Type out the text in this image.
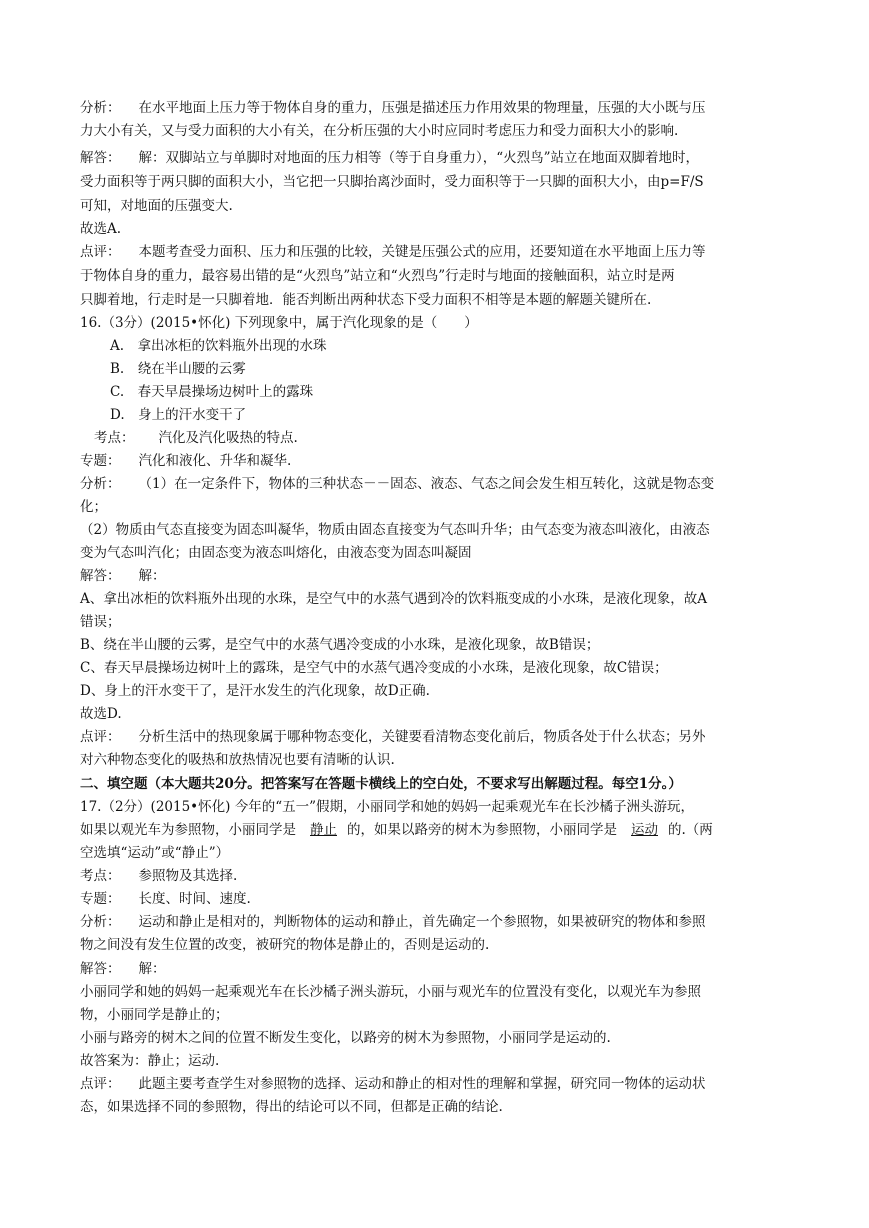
分析： 在水平地面上压力等于物体自身的重力，压强是描述压力作用效果的物理量，压强的大小既与压
力大小有关，又与受力面积的大小有关，在分析压强的大小时应同时考虑压力和受力面积大小的影响.
解答： 解：双脚站立与单脚时对地面的压力相等（等于自身重力），“火烈鸟”站立在地面双脚着地时，
受力面积等于两只脚的面积大小，当它把一只脚抬离沙面时，受力面积等于一只脚的面积大小，由p=F/S
可知，对地面的压强变大.
故选A.
点评： 本题考查受力面积、压力和压强的比较，关键是压强公式的应用，还要知道在水平地面上压力等
于物体自身的重力，最容易出错的是“火烈鸟”站立和“火烈鸟”行走时与地面的接触面积，站立时是两
只脚着地，行走时是一只脚着地．能否判断出两种状态下受力面积不相等是本题的解题关键所在.
16.（3分）(2015•怀化) 下列现象中，属于汽化现象的是（　　）
A.　拿出冰柜的饮料瓶外出现的水珠
B.　绕在半山腰的云雾
C.　春天早晨操场边树叶上的露珠
D.　身上的汗水变干了
考点： 汽化及汽化吸热的特点.
专题： 汽化和液化、升华和凝华.
分析： （1）在一定条件下，物体的三种状态－－固态、液态、气态之间会发生相互转化，这就是物态变
化；
（2）物质由气态直接变为固态叫凝华，物质由固态直接变为气态叫升华；由气态变为液态叫液化，由液态
变为气态叫汽化；由固态变为液态叫熔化，由液态变为固态叫凝固
解答： 解：
A、拿出冰柜的饮料瓶外出现的水珠，是空气中的水蒸气遇到冷的饮料瓶变成的小水珠，是液化现象，故A
错误；
B、绕在半山腰的云雾，是空气中的水蒸气遇冷变成的小水珠，是液化现象，故B错误；
C、春天早晨操场边树叶上的露珠，是空气中的水蒸气遇冷变成的小水珠，是液化现象，故C错误；
D、身上的汗水变干了，是汗水发生的汽化现象，故D正确.
故选D.
点评： 分析生活中的热现象属于哪种物态变化，关键要看清物态变化前后，物质各处于什么状态；另外
对六种物态变化的吸热和放热情况也要有清晰的认识.
二、填空题（本大题共20分。把答案写在答题卡横线上的空白处，不要求写出解题过程。每空1分。）
17.（2分）(2015•怀化) 今年的“五一”假期，小丽同学和她的妈妈一起乘观光车在长沙橘子洲头游玩，
如果以观光车为参照物，小丽同学是 静止 的，如果以路旁的树木为参照物，小丽同学是 运动 的.（两
空选填“运动”或“静止”）
考点： 参照物及其选择.
专题： 长度、时间、速度.
分析： 运动和静止是相对的，判断物体的运动和静止，首先确定一个参照物，如果被研究的物体和参照
物之间没有发生位置的改变，被研究的物体是静止的，否则是运动的.
解答： 解：
小丽同学和她的妈妈一起乘观光车在长沙橘子洲头游玩，小丽与观光车的位置没有变化，以观光车为参照
物，小丽同学是静止的；
小丽与路旁的树木之间的位置不断发生变化，以路旁的树木为参照物，小丽同学是运动的.
故答案为：静止；运动.
点评： 此题主要考查学生对参照物的选择、运动和静止的相对性的理解和掌握，研究同一物体的运动状
态，如果选择不同的参照物，得出的结论可以不同，但都是正确的结论.
